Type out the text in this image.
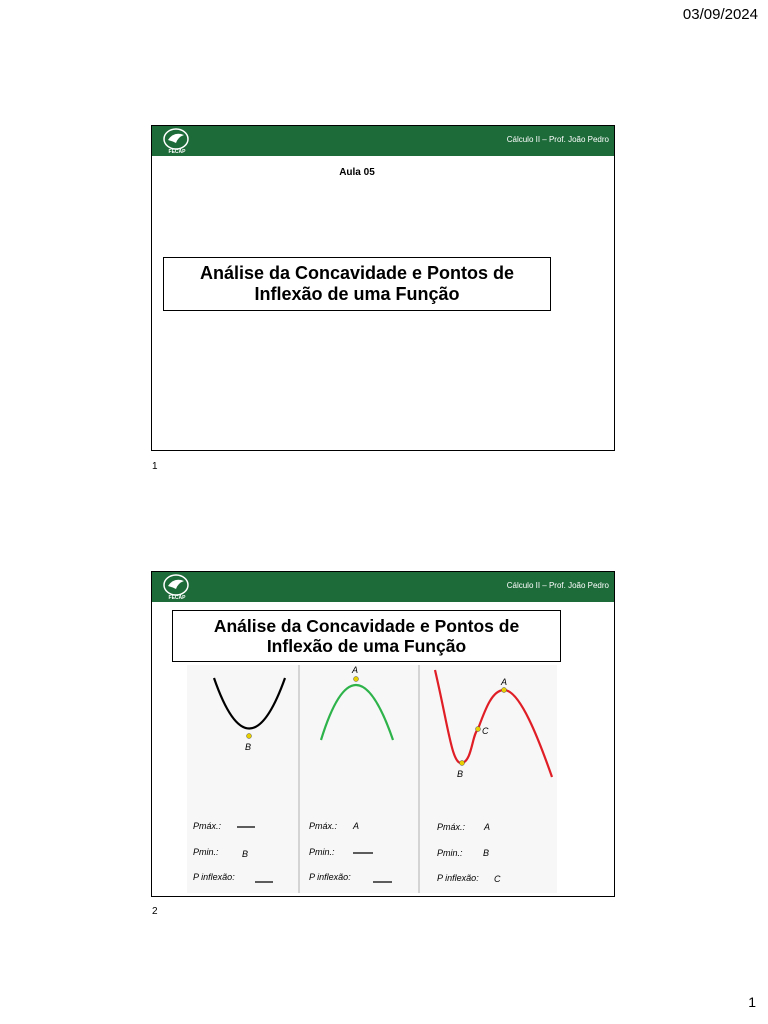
03/09/2024
FECAP
Cálculo II – Prof. João Pedro
Aula 05
Análise da Concavidade e Pontos de
Inflexão de uma Função
1
FECAP
Cálculo II – Prof. João Pedro
Análise da Concavidade e Pontos de
Inflexão de uma Função
B
A
A
C
B
Pmáx.:
Pmin.:	B
P inflexão:
Pmáx.: A
Pmin.:
P inflexão:
Pmáx.: A
Pmin.: B
P inflexão: C
2
1
